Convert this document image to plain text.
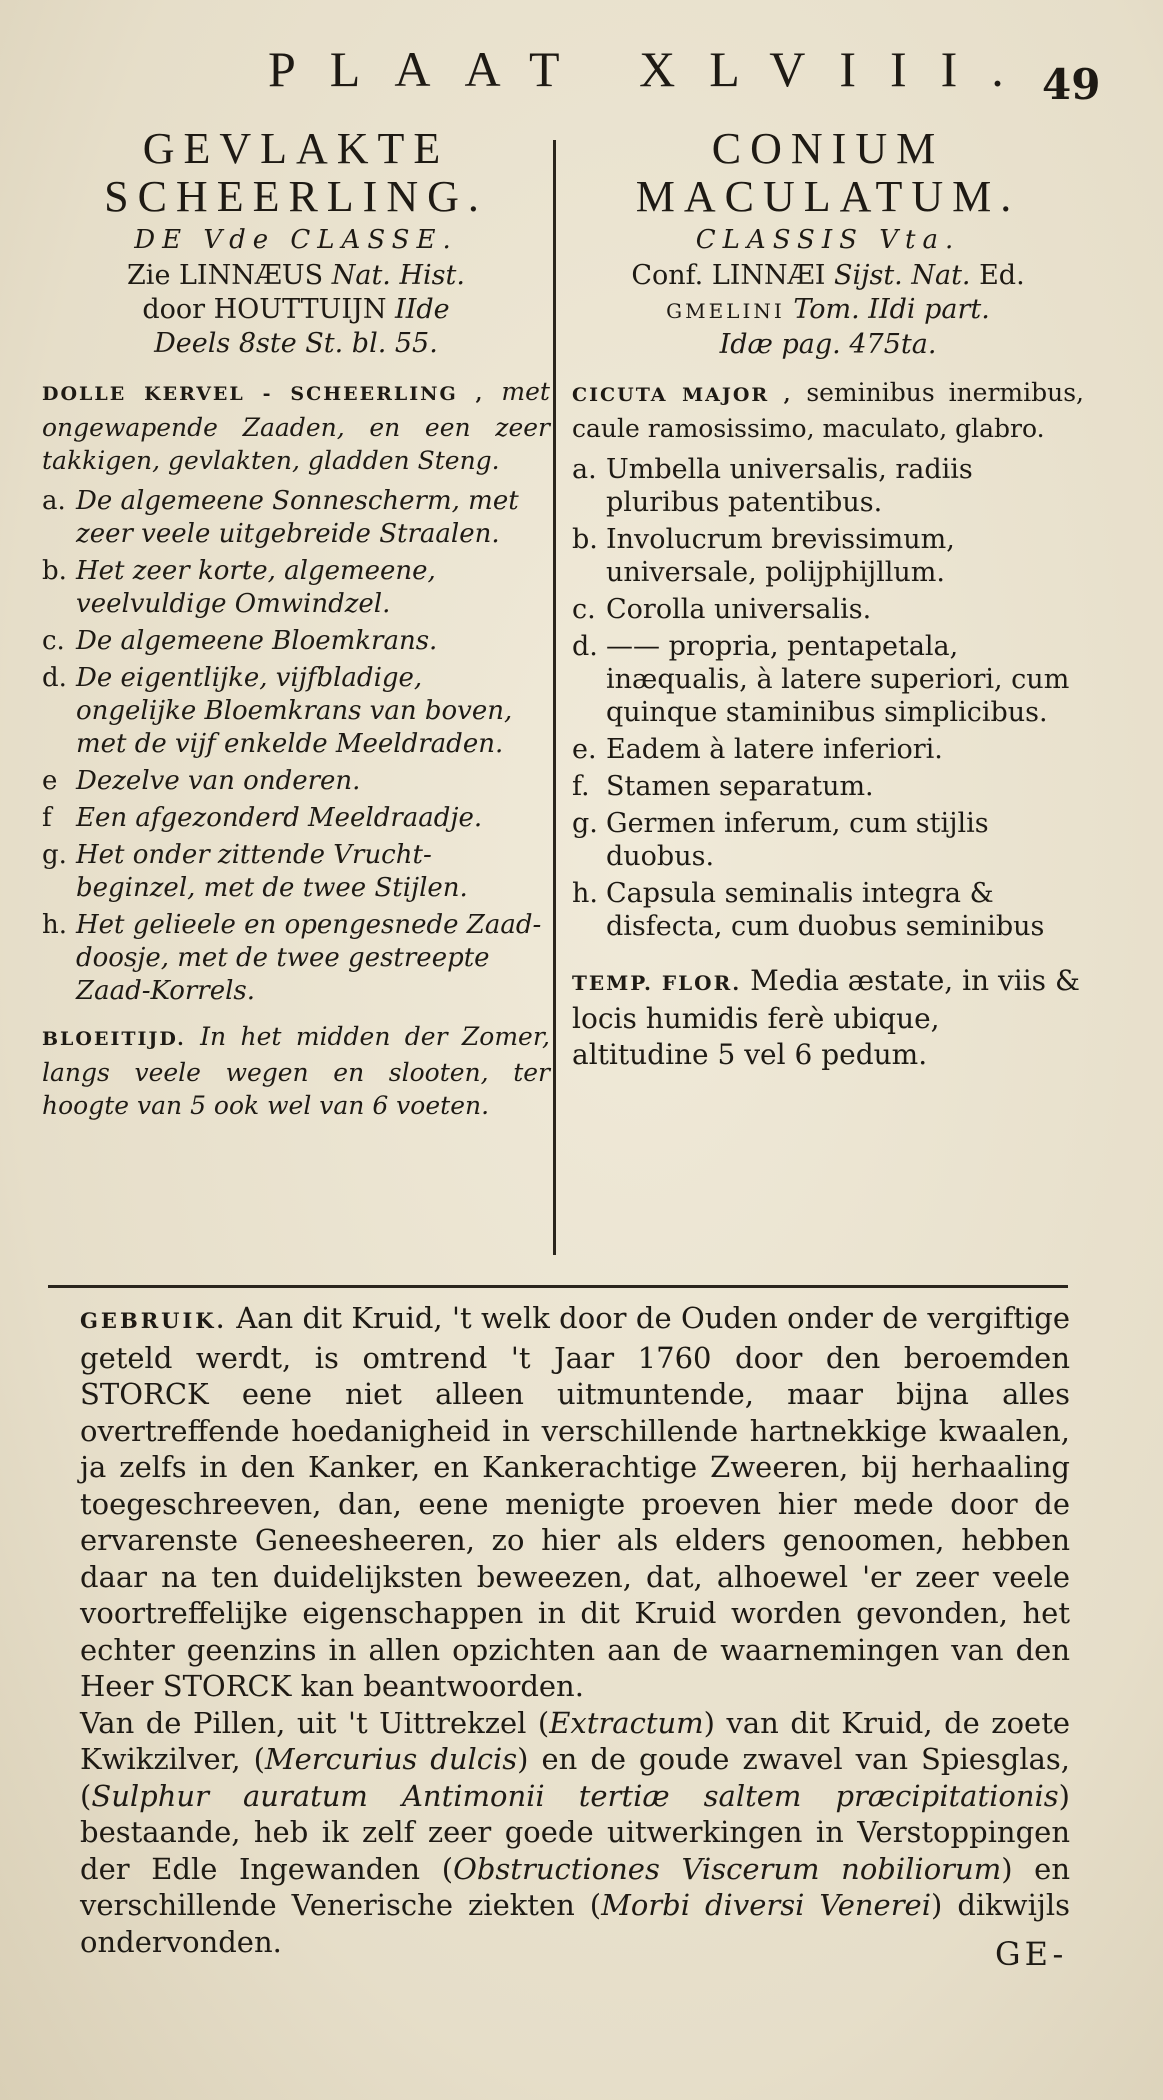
PLAAT XLVIII. 49
GEVLAKTE
SCHEERLING.
DE Vde CLASSE.
Zie LINNÆUS Nat. Hist.
door HOUTTUIJN IIde
Deels 8ste St. bl. 55.
DOLLE KERVEL - SCHEERLING , met ongewapende Zaaden, en een zeer takkigen, gevlakten, gladden Steng.
a. De algemeene Sonnescherm, met zeer veele uitgebreide Straalen.
b. Het zeer korte, algemeene, veelvuldige Omwindzel.
c. De algemeene Bloemkrans.
d. De eigentlijke, vijfbladige, ongelijke Bloemkrans van boven, met de vijf enkelde Meeldraden.
e Dezelve van onderen.
f Een afgezonderd Meeldraadje.
g. Het onder zittende Vrucht-beginzel, met de twee Stijlen.
h. Het gelieele en opengesnede Zaad-doosje, met de twee gestreepte Zaad-Korrels.
BLOEITIJD. In het midden der Zomer, langs veele wegen en slooten, ter hoogte van 5 ook wel van 6 voeten.
CONIUM
MACULATUM.
CLASSIS Vta.
Conf. LINNÆI Sijst. Nat. Ed.
GMELINI Tom. IIdi part.
Idæ pag. 475ta.
CICUTA MAJOR , seminibus inermibus, caule ramosissimo, maculato, glabro.
a. Umbella universalis, radiis pluribus patentibus.
b. Involucrum brevissimum, universale, polijphijllum.
c. Corolla universalis.
d. —— propria, pentapetala, inæqualis, à latere superiori, cum quinque staminibus simplicibus.
e. Eadem à latere inferiori.
f. Stamen separatum.
g. Germen inferum, cum stijlis duobus.
h. Capsula seminalis integra & disfecta, cum duobus seminibus
TEMP. FLOR. Media æstate, in viis & locis humidis ferè ubique, altitudine 5 vel 6 pedum.

GEBRUIK. Aan dit Kruid, 't welk door de Ouden onder de vergiftige geteld werdt, is omtrend 't Jaar 1760 door den beroemden STORCK eene niet alleen uitmuntende, maar bijna alles overtreffende hoedanigheid in verschillende hartnekkige kwaalen, ja zelfs in den Kanker, en Kankerachtige Zweeren, bij herhaaling toegeschreeven, dan, eene menigte proeven hier mede door de ervarenste Geneesheeren, zo hier als elders genoomen, hebben daar na ten duidelijksten beweezen, dat, alhoewel 'er zeer veele voortreffelijke eigenschappen in dit Kruid worden gevonden, het echter geenzins in allen opzichten aan de waarnemingen van den Heer STORCK kan beantwoorden.

Van de Pillen, uit 't Uittrekzel (Extractum) van dit Kruid, de zoete Kwikzilver, (Mercurius dulcis) en de goude zwavel van Spiesglas, (Sulphur auratum Antimonii tertiæ saltem præcipitationis) bestaande, heb ik zelf zeer goede uitwerkingen in Verstoppingen der Edle Ingewanden (Obstructiones Viscerum nobiliorum) en verschillende Venerische ziekten (Morbi diversi Venerei) dikwijls ondervonden.	GE-
